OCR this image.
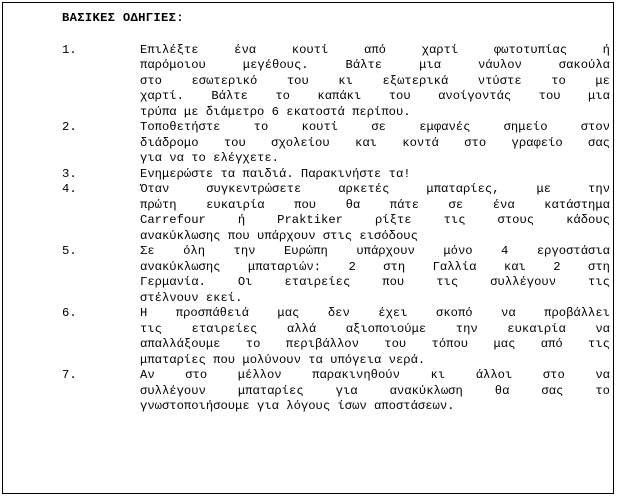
ΒΑΣΙΚΕΣ ΟΔΗΓΙΕΣ:
1.	Επιλέξτε ένα κουτί από χαρτί φωτοτυπίας ή
παρόμοιου μεγέθους. Βάλτε μια νάυλον σακούλα
στο εσωτερικό του κι εξωτερικά ντύστε το με
χαρτί. Βάλτε το καπάκι του ανοίγοντάς του μια
τρύπα με διάμετρο 6 εκατοστά περίπου.
2.	Τοποθετήστε το κουτί σε εμφανές σημείο στον
διάδρομο του σχολείου και κοντά στο γραφείο σας
για να το ελέγχετε.
3.	Ενημερώστε τα παιδιά. Παρακινήστε τα!
4.	Όταν συγκεντρώσετε αρκετές μπαταρίες, με την
πρώτη ευκαιρία που θα πάτε σε ένα κατάστημα
Carrefour ή Praktiker ρίξτε τις στους κάδους
ανακύκλωσης που υπάρχουν στις εισόδους
5.	Σε όλη την Ευρώπη υπάρχουν μόνο 4 εργοστάσια
ανακύκλωσης μπαταριών: 2 στη Γαλλία και 2 στη
Γερμανία. Οι εταιρείες που τις συλλέγουν τις
στέλνουν εκεί.
6.	Η προσπάθειά μας δεν έχει σκοπό να προβάλλει
τις εταιρείες αλλά αξιοποιούμε την ευκαιρία να
απαλλάξουμε το περιβάλλον του τόπου μας από τις
μπαταρίες που μολύνουν τα υπόγεια νερά.
7.	Αν στο μέλλον παρακινηθούν κι άλλοι στο να
συλλέγουν μπαταρίες για ανακύκλωση θα σας το
γνωστοποιήσουμε για λόγους ίσων αποστάσεων.
